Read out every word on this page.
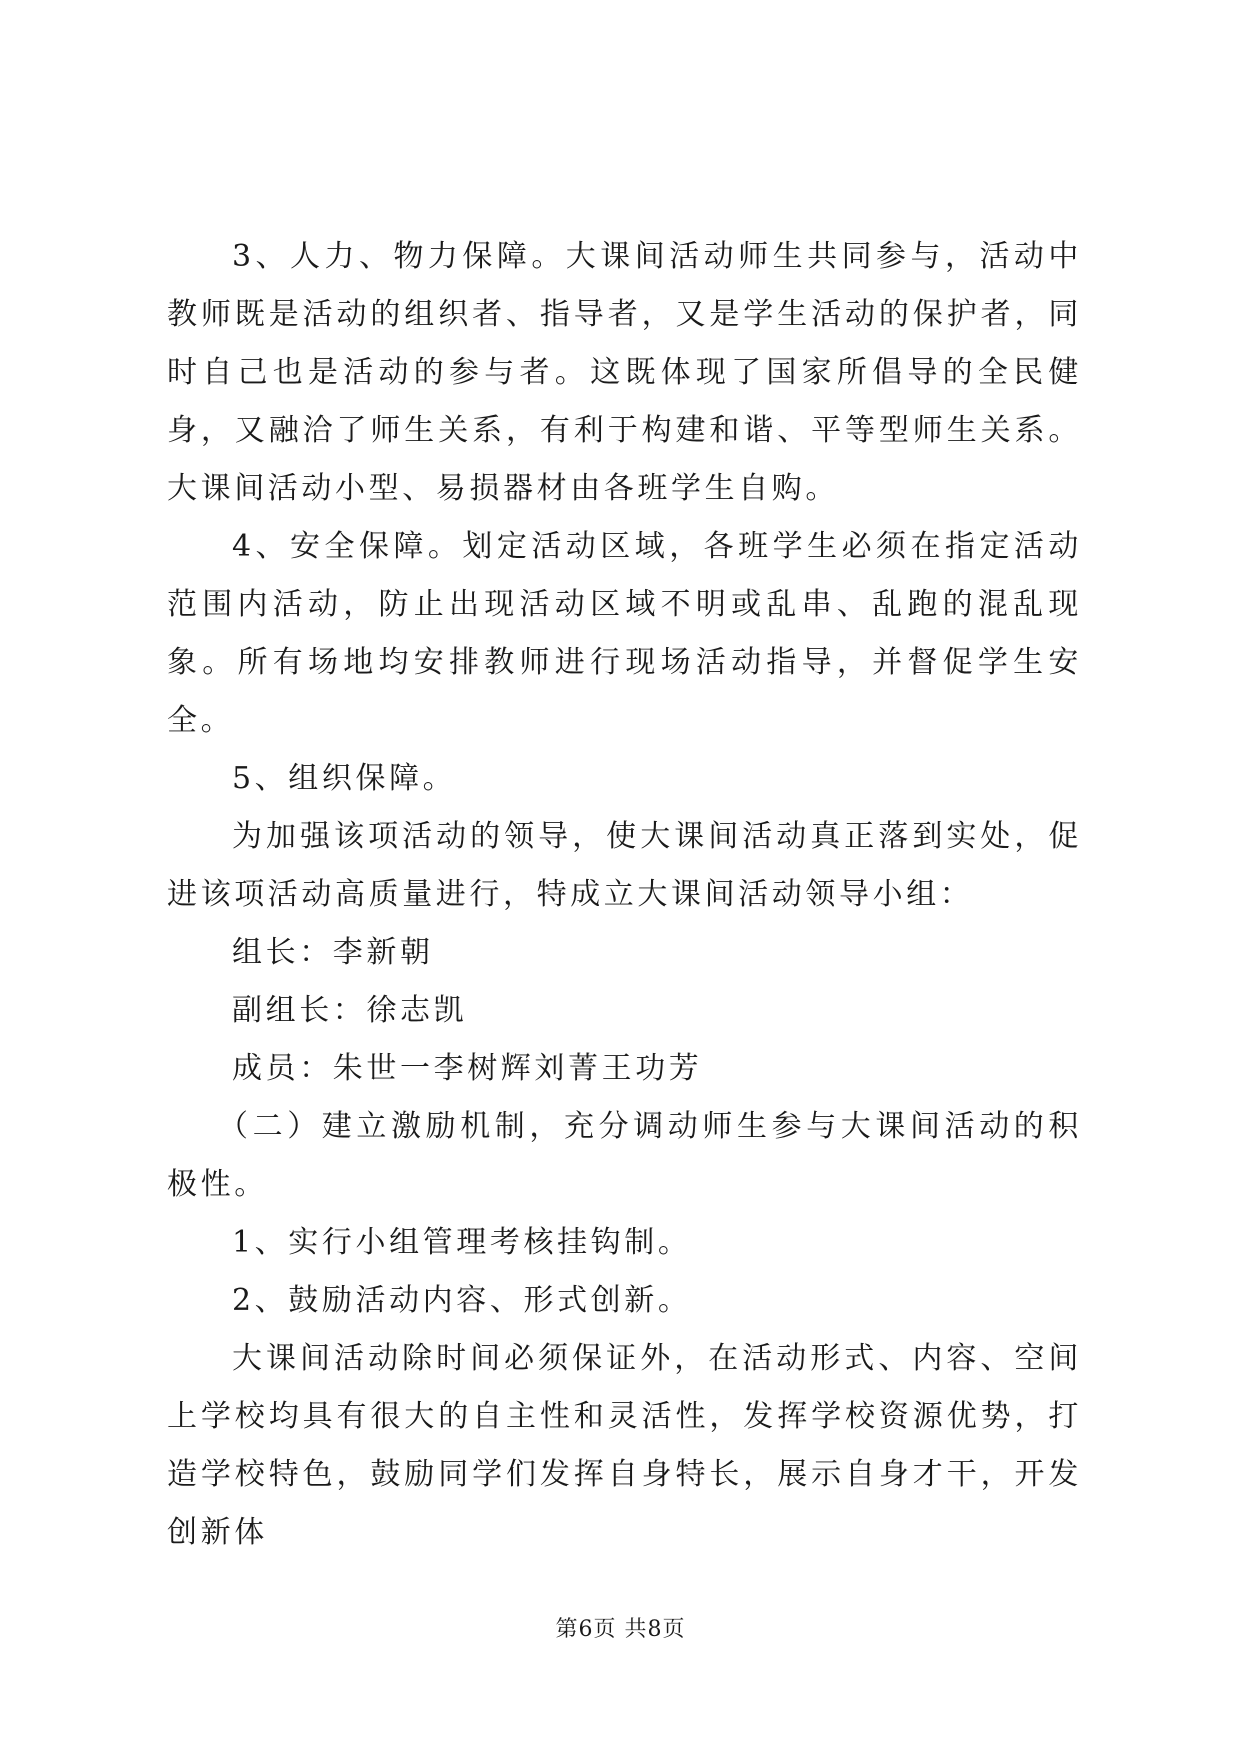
3、人力、物力保障。大课间活动师生共同参与，活动中教师既是活动的组织者、指导者，又是学生活动的保护者，同时自己也是活动的参与者。这既体现了国家所倡导的全民健身，又融洽了师生关系，有利于构建和谐、平等型师生关系。大课间活动小型、易损器材由各班学生自购。

4、安全保障。划定活动区域，各班学生必须在指定活动范围内活动，防止出现活动区域不明或乱串、乱跑的混乱现象。所有场地均安排教师进行现场活动指导，并督促学生安全。

5、组织保障。

为加强该项活动的领导，使大课间活动真正落到实处，促进该项活动高质量进行，特成立大课间活动领导小组：

组长：李新朝

副组长：徐志凯

成员：朱世一李树辉刘菁王功芳

（二）建立激励机制，充分调动师生参与大课间活动的积极性。

1、实行小组管理考核挂钩制。

2、鼓励活动内容、形式创新。

大课间活动除时间必须保证外，在活动形式、内容、空间上学校均具有很大的自主性和灵活性，发挥学校资源优势，打造学校特色，鼓励同学们发挥自身特长，展示自身才干，开发创新体

第6页 共8页
